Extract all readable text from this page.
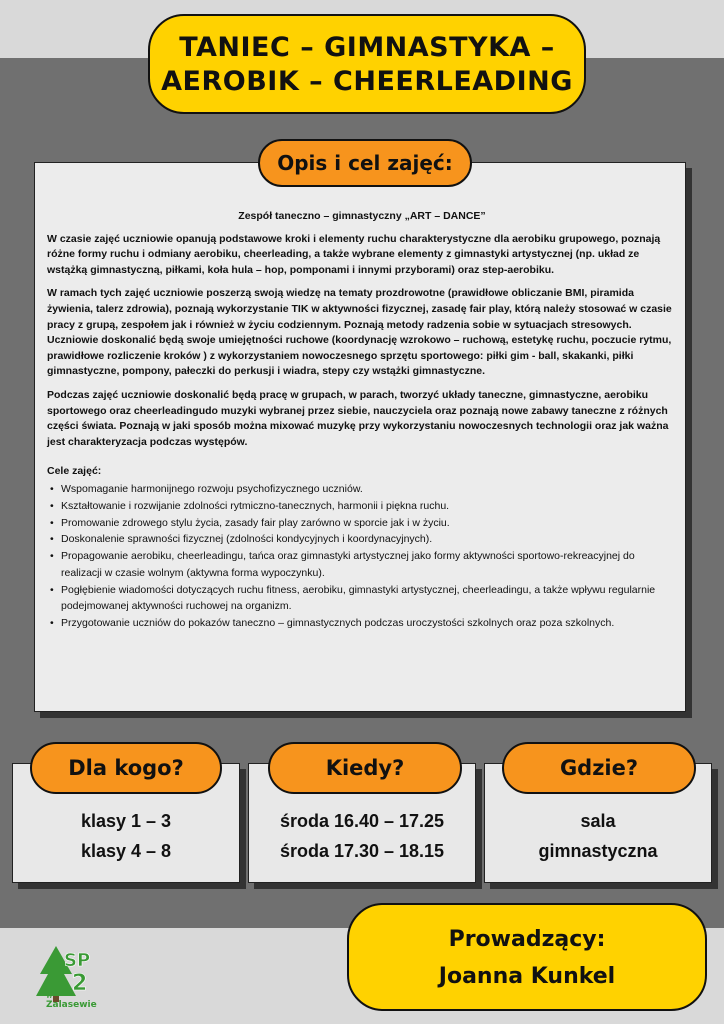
TANIEC – GIMNASTYKA –
AEROBIK – CHEERLEADING
Opis i cel zajęć:

Zespół taneczno – gimnastyczny „ART – DANCE”

W czasie zajęć uczniowie opanują podstawowe kroki i elementy ruchu charakterystyczne dla aerobiku grupowego, poznają różne formy ruchu i odmiany aerobiku, cheerleading, a także wybrane elementy z gimnastyki artystycznej (np. układ ze wstążką gimnastyczną, piłkami, koła hula – hop, pomponami i innymi przyborami) oraz step-aerobiku.

W ramach tych zajęć uczniowie poszerzą swoją wiedzę na tematy prozdrowotne (prawidłowe obliczanie BMI, piramida żywienia, talerz zdrowia), poznają wykorzystanie TIK w aktywności fizycznej, zasadę fair play, którą należy stosować w czasie pracy z grupą, zespołem jak i również w życiu codziennym. Poznają metody radzenia sobie w sytuacjach stresowych. Uczniowie doskonalić będą swoje umiejętności ruchowe (koordynację wzrokowo – ruchową, estetykę ruchu, poczucie rytmu, prawidłowe rozliczenie kroków ) z wykorzystaniem nowoczesnego sprzętu sportowego: piłki gim - ball, skakanki, piłki gimnastyczne, pompony, pałeczki do perkusji i wiadra, stepy czy wstążki gimnastyczne.

Podczas zajęć uczniowie doskonalić będą pracę w grupach, w parach, tworzyć układy taneczne, gimnastyczne, aerobiku sportowego oraz cheerleadingudo muzyki wybranej przez siebie, nauczyciela oraz poznają nowe zabawy taneczne z różnych części świata. Poznają w jaki sposób można mixować muzykę przy wykorzystaniu nowoczesnych technologii oraz jak ważna jest charakteryzacja podczas występów.

Cele zajęć:
• Wspomaganie harmonijnego rozwoju psychofizycznego uczniów.
• Kształtowanie i rozwijanie zdolności rytmiczno-tanecznych, harmonii i piękna ruchu.
• Promowanie zdrowego stylu życia, zasady fair play zarówno w sporcie jak i w życiu.
• Doskonalenie sprawności fizycznej (zdolności kondycyjnych i koordynacyjnych).
• Propagowanie aerobiku, cheerleadingu, tańca oraz gimnastyki artystycznej jako formy aktywności sportowo-rekreacyjnej do realizacji w czasie wolnym (aktywna forma wypoczynku).
• Pogłębienie wiadomości dotyczących ruchu fitness, aerobiku, gimnastyki artystycznej, cheerleadingu, a także wpływu regularnie podejmowanej aktywności ruchowej na organizm.
• Przygotowanie uczniów do pokazów taneczno – gimnastycznych podczas uroczystości szkolnych oraz poza szkolnych.
Dla kogo?
klasy 1 – 3
klasy 4 – 8
Kiedy?
środa 16.40 – 17.25
środa 17.30 – 18.15
Gdzie?
sala
gimnastyczna
Prowadzący:
Joanna Kunkel
SP
2
w
Zalasewie
